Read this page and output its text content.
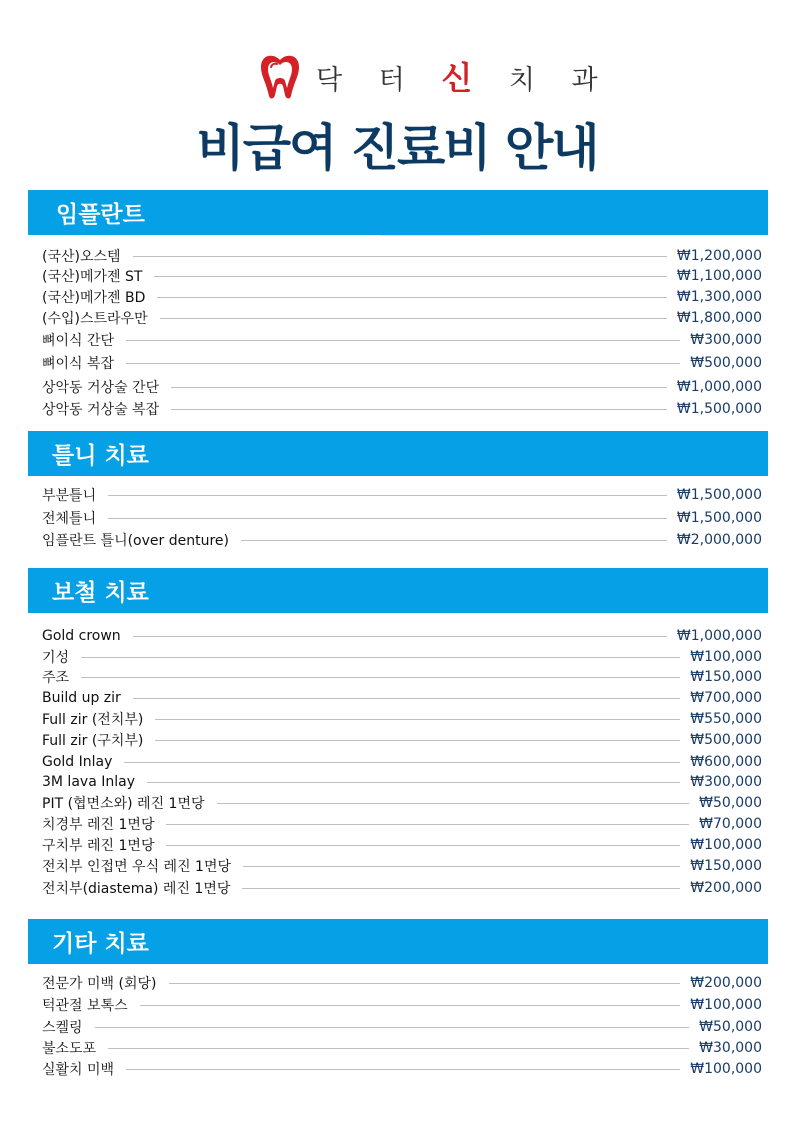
닥 터 신 치 과
비급여 진료비 안내
임플란트
(국산)오스템	₩1,200,000
(국산)메가젠 ST	₩1,100,000
(국산)메가젠 BD	₩1,300,000
(수입)스트라우만	₩1,800,000
뼈이식 간단	₩300,000
뼈이식 복잡	₩500,000
상악동 거상술 간단	₩1,000,000
상악동 거상술 복잡	₩1,500,000
틀니 치료
부분틀니	₩1,500,000
전체틀니	₩1,500,000
임플란트 틀니(over denture)	₩2,000,000
보철 치료
Gold crown	₩1,000,000
기성	₩100,000
주조	₩150,000
Build up zir	₩700,000
Full zir (전치부)	₩550,000
Full zir (구치부)	₩500,000
Gold Inlay	₩600,000
3M lava Inlay	₩300,000
PIT (협면소와) 레진 1면당	₩50,000
치경부 레진 1면당	₩70,000
구치부 레진 1면당	₩100,000
전치부 인접면 우식 레진 1면당	₩150,000
전치부(diastema) 레진 1면당	₩200,000
기타 치료
전문가 미백 (회당)	₩200,000
턱관절 보톡스	₩100,000
스켈링	₩50,000
불소도포	₩30,000
실활치 미백	₩100,000
